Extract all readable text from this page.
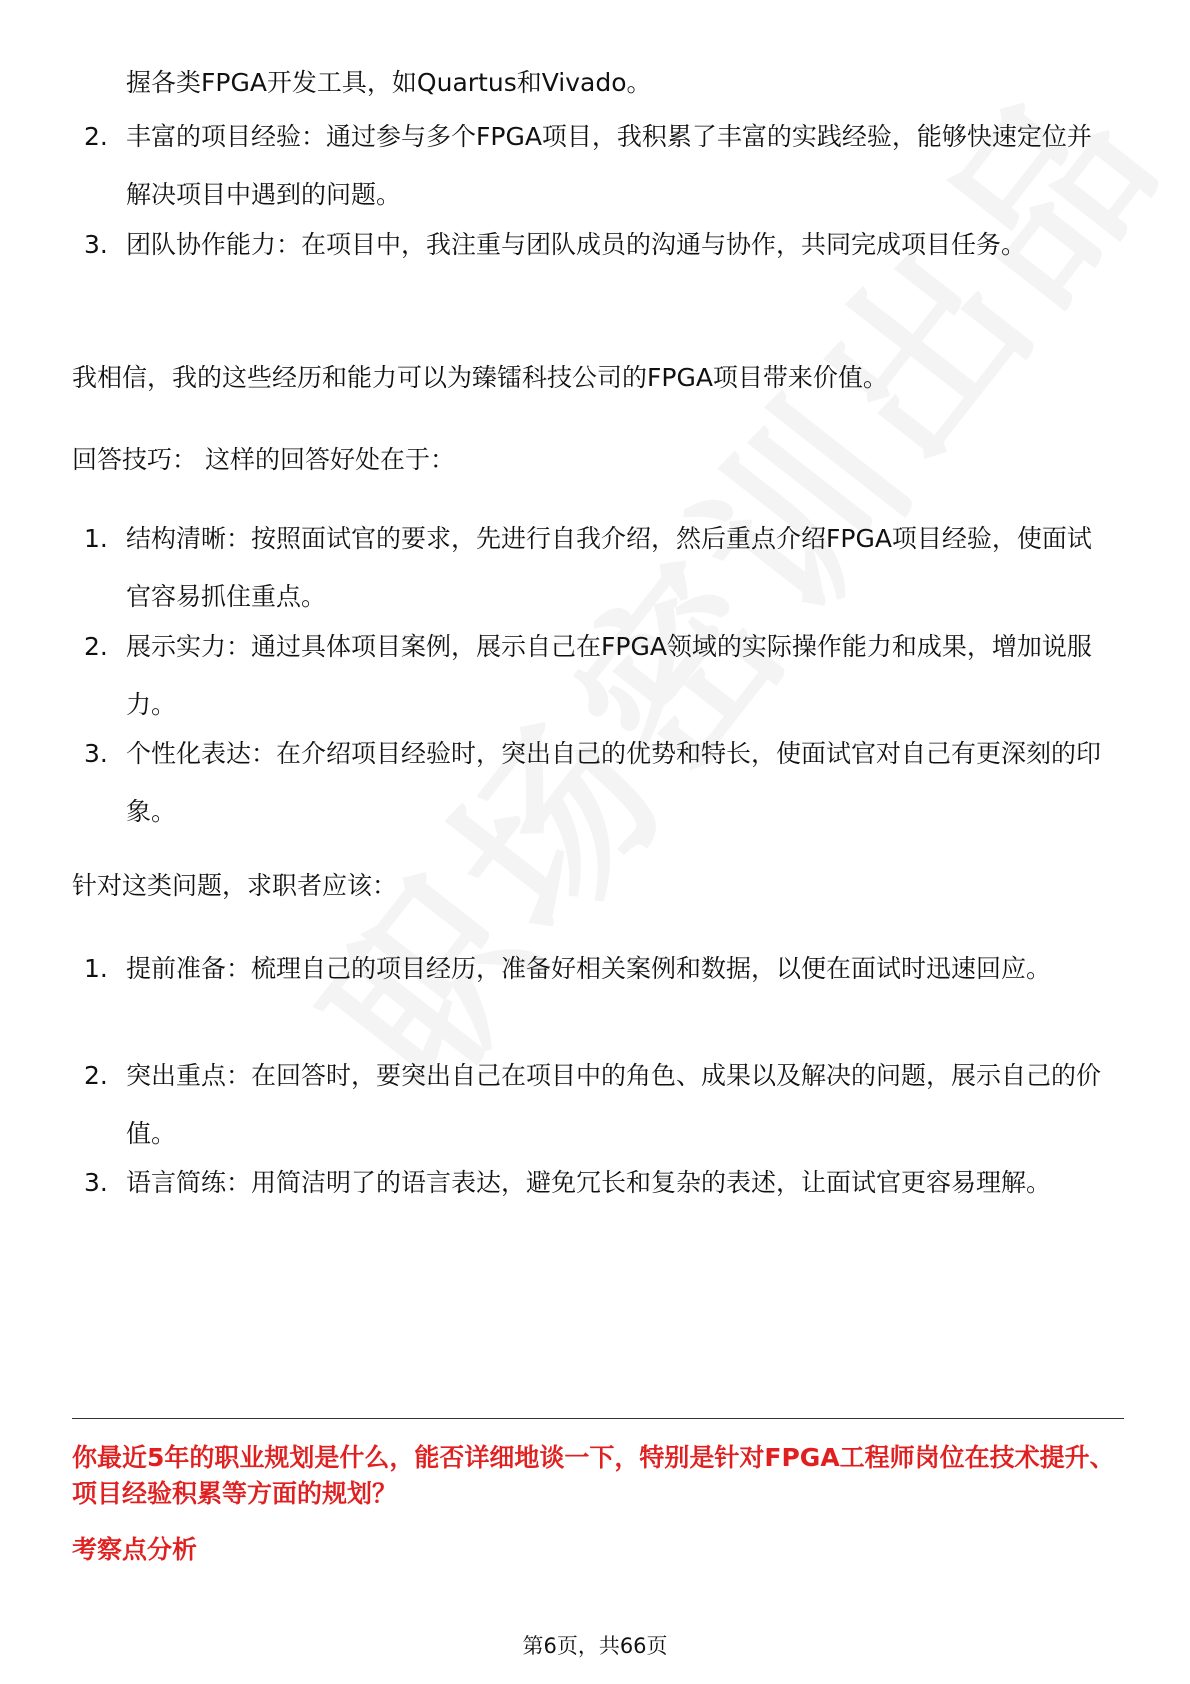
握各类FPGA开发工具，如Quartus和Vivado。
2. 丰富的项目经验：通过参与多个FPGA项目，我积累了丰富的实践经验，能够快速定位并解决项目中遇到的问题。
3. 团队协作能力：在项目中，我注重与团队成员的沟通与协作，共同完成项目任务。
我相信，我的这些经历和能力可以为臻镭科技公司的FPGA项目带来价值。
回答技巧： 这样的回答好处在于：
1. 结构清晰：按照面试官的要求，先进行自我介绍，然后重点介绍FPGA项目经验，使面试官容易抓住重点。
2. 展示实力：通过具体项目案例，展示自己在FPGA领域的实际操作能力和成果，增加说服力。
3. 个性化表达：在介绍项目经验时，突出自己的优势和特长，使面试官对自己有更深刻的印象。
针对这类问题，求职者应该：
1. 提前准备：梳理自己的项目经历，准备好相关案例和数据，以便在面试时迅速回应。
2. 突出重点：在回答时，要突出自己在项目中的角色、成果以及解决的问题，展示自己的价值。
3. 语言简练：用简洁明了的语言表达，避免冗长和复杂的表述，让面试官更容易理解。
你最近5年的职业规划是什么，能否详细地谈一下，特别是针对FPGA工程师岗位在技术提升、项目经验积累等方面的规划？
考察点分析
第6页，共66页
